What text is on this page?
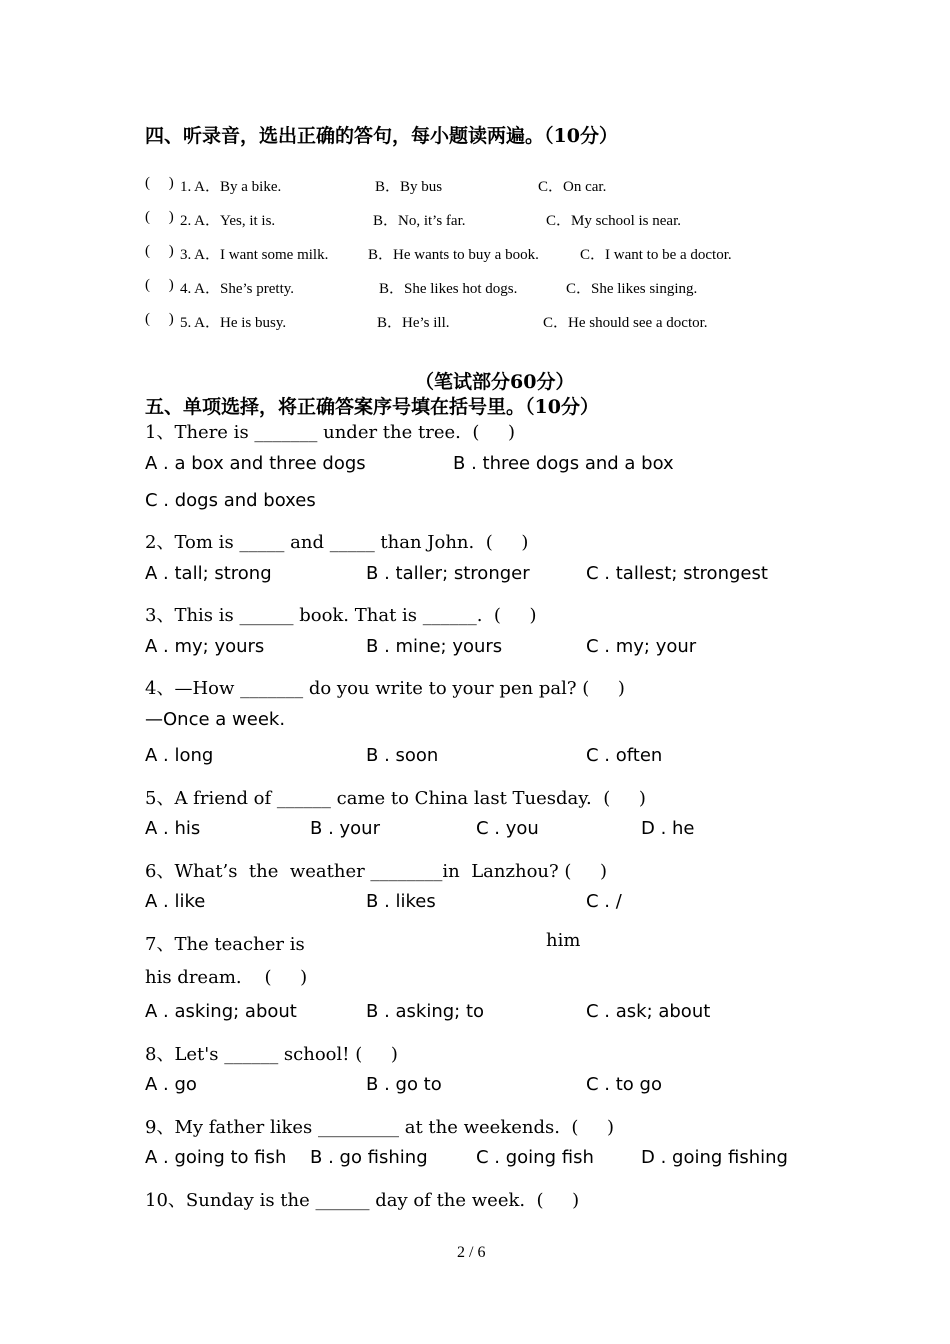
四、听录音，选出正确的答句，每小题读两遍。（10分）
(     ) 1. A．By a bike.	B．By bus	C．On car.
(     ) 2. A．Yes, it is.	B．No, it’s far.	C．My school is near.
(     ) 3. A．I want some milk.	B．He wants to buy a book.	C．I want to be a doctor.
(     ) 4. A．She’s pretty.	B．She likes hot dogs.	C．She likes singing.
(     ) 5. A．He is busy.	B．He’s ill.	C．He should see a doctor.
（笔试部分60分）
五、单项选择，将正确答案序号填在括号里。（10分）
1、There is _______ under the tree.  (     )
A . a box and three dogs	B . three dogs and a box
C . dogs and boxes
2、Tom is _____ and _____ than John.  (     )
A . tall; strong	B . taller; stronger	C . tallest; strongest
3、This is ______ book. That is ______.  (     )
A . my; yours	B . mine; yours	C . my; your
4、—How _______ do you write to your pen pal? (     )
—Once a week.
A . long	B . soon	C . often
5、A friend of ______ came to China last Tuesday.  (     )
A . his	B . your	C . you	D . he
6、What’s  the  weather ________in  Lanzhou? (     )
A . like	B . likes	C . /
7、The teacher is	him
his dream.    (     )
A . asking; about	B . asking; to	C . ask; about
8、Let's ______ school! (     )
A . go	B . go to	C . to go
9、My father likes _________ at the weekends.  (     )
A . going to fish B . go fishing	C . going fish	D . going fishing
10、Sunday is the ______ day of the week.  (     )
2 / 6
